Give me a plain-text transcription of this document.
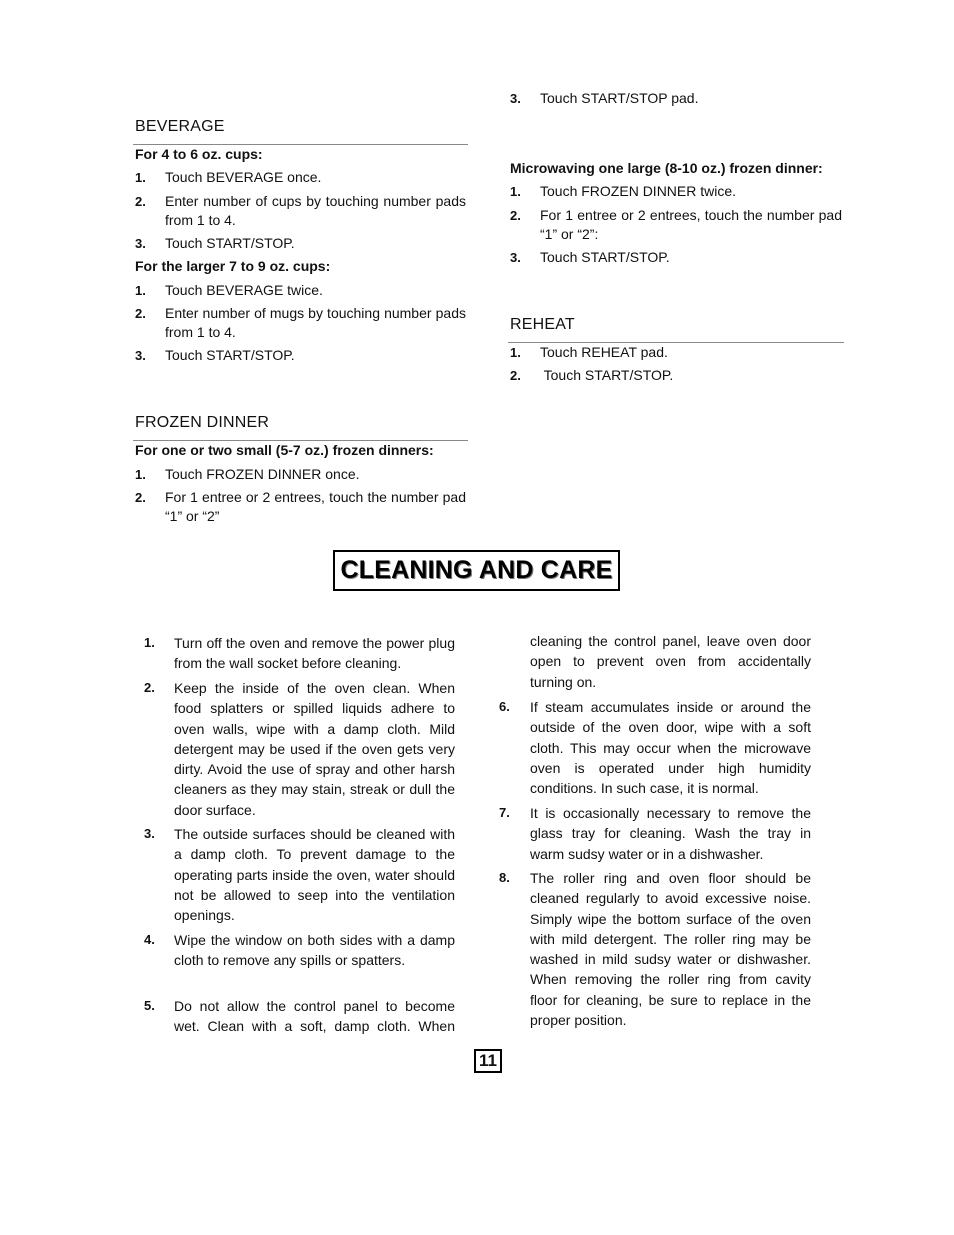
BEVERAGE
For 4 to 6 oz. cups:
1. Touch BEVERAGE once.
2. Enter number of cups by touching number pads from 1 to 4.
3. Touch START/STOP.
For the larger 7 to 9 oz. cups:
1. Touch BEVERAGE twice.
2. Enter number of mugs by touching number pads from 1 to 4.
3. Touch START/STOP.
FROZEN DINNER
For one or two small (5-7 oz.) frozen dinners:
1. Touch FROZEN DINNER once.
2. For 1 entree or 2 entrees, touch the number pad “1” or “2”
3. Touch START/STOP pad.
Microwaving one large (8-10 oz.) frozen dinner:
1. Touch FROZEN DINNER twice.
2. For 1 entree or 2 entrees, touch the number pad “1” or “2”:
3. Touch START/STOP.
REHEAT
1. Touch REHEAT pad.
2. Touch START/STOP.
CLEANING AND CARE
1. Turn off the oven and remove the power plug from the wall socket before cleaning.
2. Keep the inside of the oven clean. When food splatters or spilled liquids adhere to oven walls, wipe with a damp cloth. Mild detergent may be used if the oven gets very dirty. Avoid the use of spray and other harsh cleaners as they may stain, streak or dull the door surface.
3. The outside surfaces should be cleaned with a damp cloth. To prevent damage to the operating parts inside the oven, water should not be allowed to seep into the ventilation openings.
4. Wipe the window on both sides with a damp cloth to remove any spills or spatters.
5. Do not allow the control panel to become wet. Clean with a soft, damp cloth. When
cleaning the control panel, leave oven door open to prevent oven from accidentally turning on.
6. If steam accumulates inside or around the outside of the oven door, wipe with a soft cloth. This may occur when the microwave oven is operated under high humidity conditions. In such case, it is normal.
7. It is occasionally necessary to remove the glass tray for cleaning. Wash the tray in warm sudsy water or in a dishwasher.
8. The roller ring and oven floor should be cleaned regularly to avoid excessive noise. Simply wipe the bottom surface of the oven with mild detergent. The roller ring may be washed in mild sudsy water or dishwasher. When removing the roller ring from cavity floor for cleaning, be sure to replace in the proper position.
11
